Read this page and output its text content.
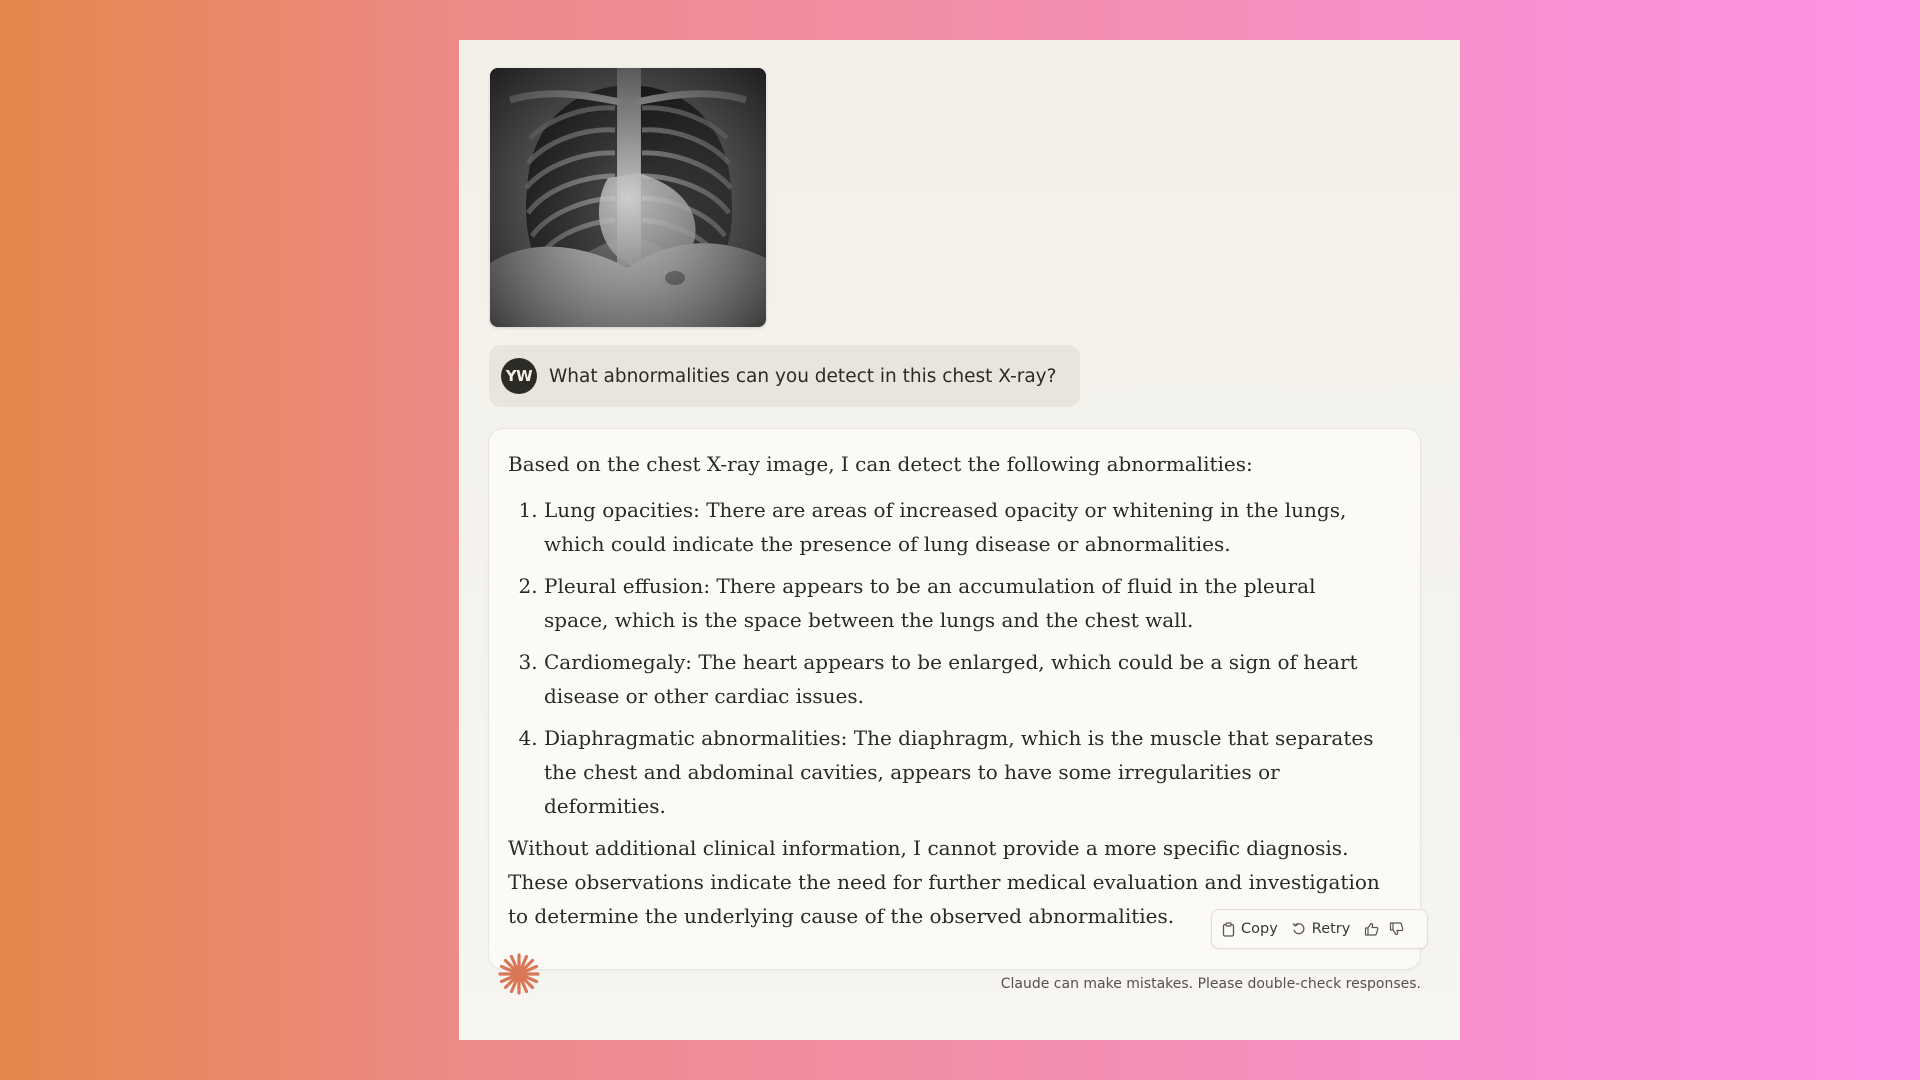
YW What abnormalities can you detect in this chest X-ray?

Based on the chest X-ray image, I can detect the following abnormalities:

1. Lung opacities: There are areas of increased opacity or whitening in the lungs, which could indicate the presence of lung disease or abnormalities.
2. Pleural effusion: There appears to be an accumulation of fluid in the pleural space, which is the space between the lungs and the chest wall.
3. Cardiomegaly: The heart appears to be enlarged, which could be a sign of heart disease or other cardiac issues.
4. Diaphragmatic abnormalities: The diaphragm, which is the muscle that separates the chest and abdominal cavities, appears to have some irregularities or deformities.

Without additional clinical information, I cannot provide a more specific diagnosis. These observations indicate the need for further medical evaluation and investigation to determine the underlying cause of the observed abnormalities.

Copy Retry
Claude can make mistakes. Please double-check responses.
